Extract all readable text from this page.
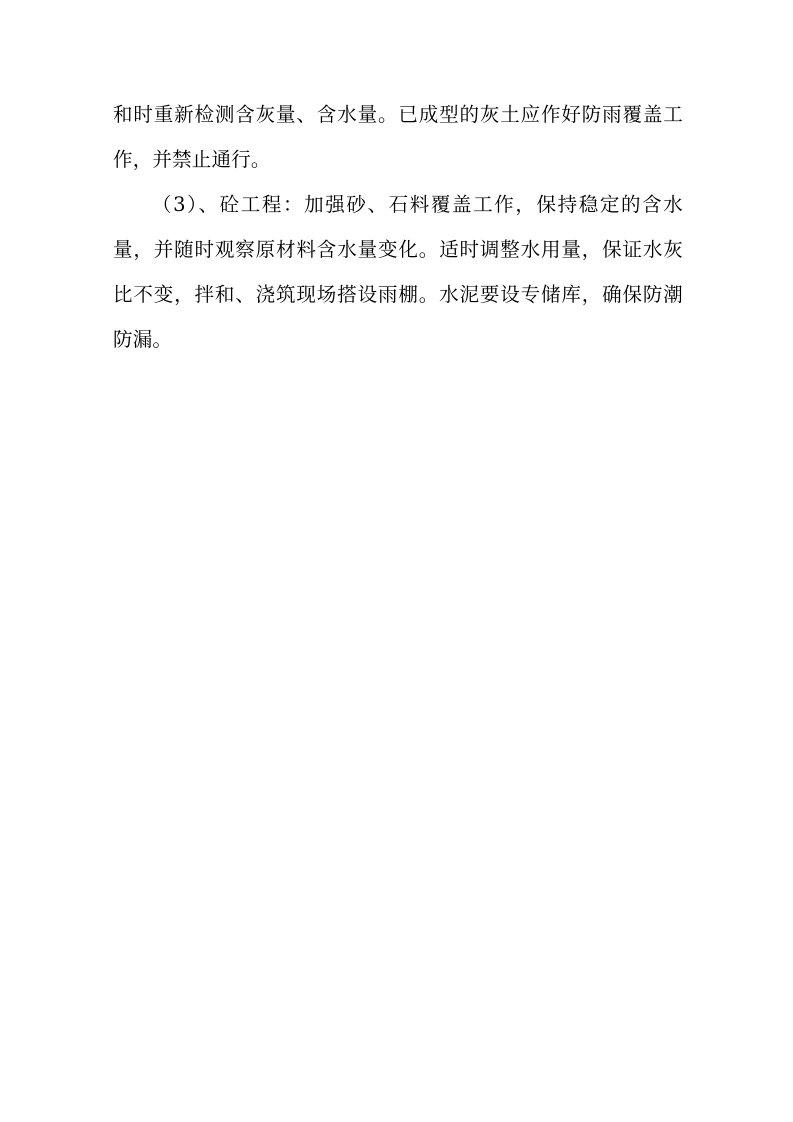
和时重新检测含灰量、含水量。已成型的灰土应作好防雨覆盖工作，并禁止通行。

（3）、砼工程：加强砂、石料覆盖工作，保持稳定的含水量，并随时观察原材料含水量变化。适时调整水用量，保证水灰比不变，拌和、浇筑现场搭设雨棚。水泥要设专储库，确保防潮防漏。
